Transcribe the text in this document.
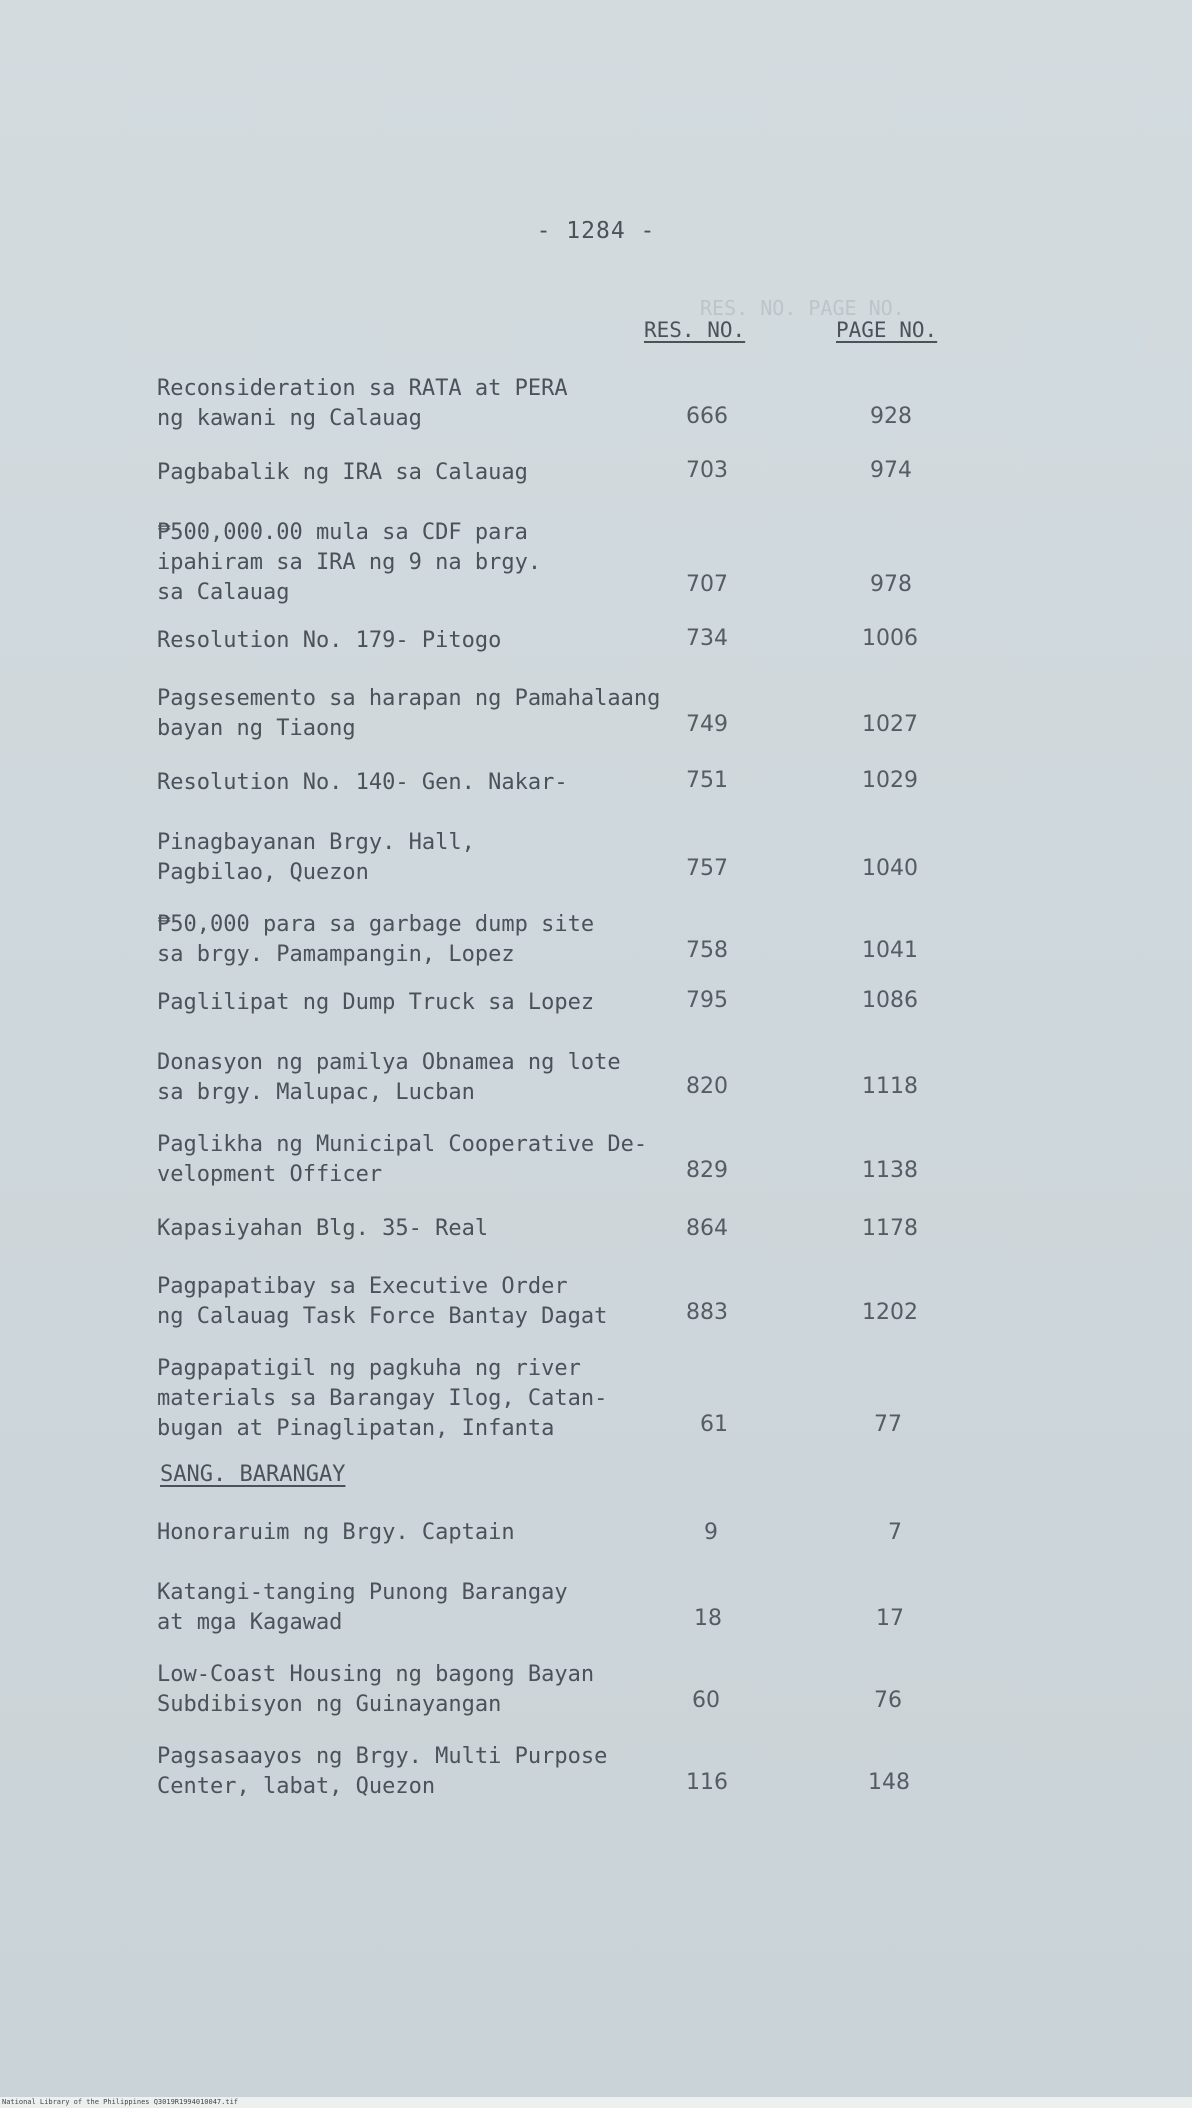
- 1284 -
RES. NO.	PAGE NO.
RES. NO. PAGE NO.
Reconsideration sa RATA at PERA
ng kawani ng Calauag	666	928
Pagbabalik ng IRA sa Calauag	703	974
₱500,000.00 mula sa CDF para
ipahiram sa IRA ng 9 na brgy.
sa Calauag	707	978
Resolution No. 179- Pitogo	734	1006
Pagsesemento sa harapan ng Pamahalaang
bayan ng Tiaong	749	1027
Resolution No. 140- Gen. Nakar-	751	1029
Pinagbayanan Brgy. Hall,
Pagbilao, Quezon	757	1040
₱50,000 para sa garbage dump site
sa brgy. Pamampangin, Lopez	758	1041
Paglilipat ng Dump Truck sa Lopez	795	1086
Donasyon ng pamilya Obnamea ng lote
sa brgy. Malupac, Lucban	820	1118
Paglikha ng Municipal Cooperative De-
velopment Officer	829	1138
Kapasiyahan Blg. 35- Real	864	1178
Pagpapatibay sa Executive Order
ng Calauag Task Force Bantay Dagat	883	1202
Pagpapatigil ng pagkuha ng river
materials sa Barangay Ilog, Catan-
bugan at Pinaglipatan, Infanta	61	77
SANG. BARANGAY
Honoraruim ng Brgy. Captain	9	7
Katangi-tanging Punong Barangay
at mga Kagawad	18	17
Low-Coast Housing ng bagong Bayan
Subdibisyon ng Guinayangan	60	76
Pagsasaayos ng Brgy. Multi Purpose
Center, labat, Quezon	116	148
National Library of the Philippines Q3019R1994010047.tif
